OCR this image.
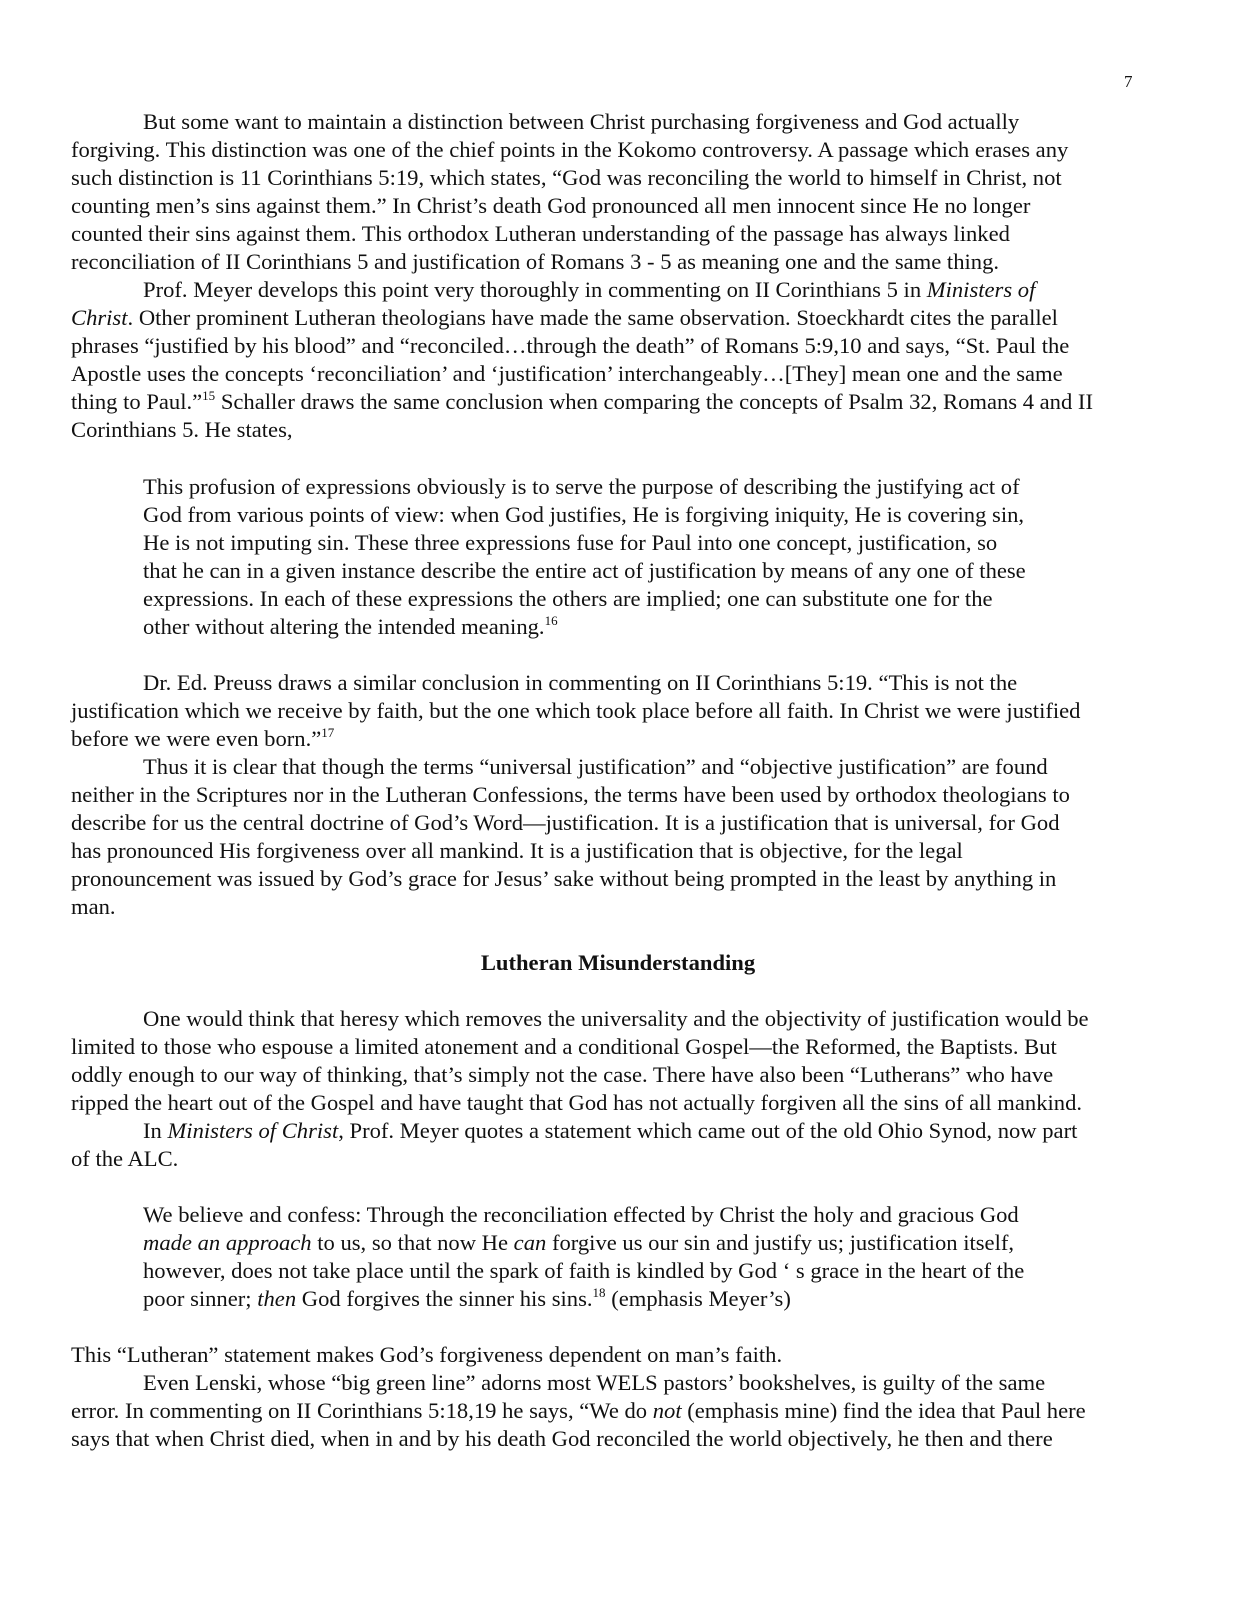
7
Lutheran Misunderstanding
But some want to maintain a distinction between Christ purchasing forgiveness and God actually
forgiving. This distinction was one of the chief points in the Kokomo controversy. A passage which erases any
such distinction is 11 Corinthians 5:19, which states, “God was reconciling the world to himself in Christ, not
counting men’s sins against them.” In Christ’s death God pronounced all men innocent since He no longer
counted their sins against them. This orthodox Lutheran understanding of the passage has always linked
reconciliation of II Corinthians 5 and justification of Romans 3 - 5 as meaning one and the same thing.
Prof. Meyer develops this point very thoroughly in commenting on II Corinthians 5 in Ministers of
Christ. Other prominent Lutheran theologians have made the same observation. Stoeckhardt cites the parallel
phrases “justified by his blood” and “reconciled…through the death” of Romans 5:9,10 and says, “St. Paul the
Apostle uses the concepts ‘reconciliation’ and ‘justification’ interchangeably…[They] mean one and the same
thing to Paul.”$^{15}$ Schaller draws the same conclusion when comparing the concepts of Psalm 32, Romans 4 and II
Corinthians 5. He states,
This profusion of expressions obviously is to serve the purpose of describing the justifying act of
God from various points of view: when God justifies, He is forgiving iniquity, He is covering sin,
He is not imputing sin. These three expressions fuse for Paul into one concept, justification, so
that he can in a given instance describe the entire act of justification by means of any one of these
expressions. In each of these expressions the others are implied; one can substitute one for the
other without altering the intended meaning.$^{16}$
Dr. Ed. Preuss draws a similar conclusion in commenting on II Corinthians 5:19. “This is not the
justification which we receive by faith, but the one which took place before all faith. In Christ we were justified
before we were even born.”$^{17}$
Thus it is clear that though the terms “universal justification” and “objective justification” are found
neither in the Scriptures nor in the Lutheran Confessions, the terms have been used by orthodox theologians to
describe for us the central doctrine of God’s Word—justification. It is a justification that is universal, for God
has pronounced His forgiveness over all mankind. It is a justification that is objective, for the legal
pronouncement was issued by God’s grace for Jesus’ sake without being prompted in the least by anything in
man.
One would think that heresy which removes the universality and the objectivity of justification would be
limited to those who espouse a limited atonement and a conditional Gospel—the Reformed, the Baptists. But
oddly enough to our way of thinking, that’s simply not the case. There have also been “Lutherans” who have
ripped the heart out of the Gospel and have taught that God has not actually forgiven all the sins of all mankind.
In Ministers of Christ, Prof. Meyer quotes a statement which came out of the old Ohio Synod, now part
of the ALC.
We believe and confess: Through the reconciliation effected by Christ the holy and gracious God
made an approach to us, so that now He can forgive us our sin and justify us; justification itself,
however, does not take place until the spark of faith is kindled by God ‘ s grace in the heart of the
poor sinner; then God forgives the sinner his sins.$^{18}$ (emphasis Meyer’s)
This “Lutheran” statement makes God’s forgiveness dependent on man’s faith.
Even Lenski, whose “big green line” adorns most WELS pastors’ bookshelves, is guilty of the same
error. In commenting on II Corinthians 5:18,19 he says, “We do not (emphasis mine) find the idea that Paul here
says that when Christ died, when in and by his death God reconciled the world objectively, he then and there
